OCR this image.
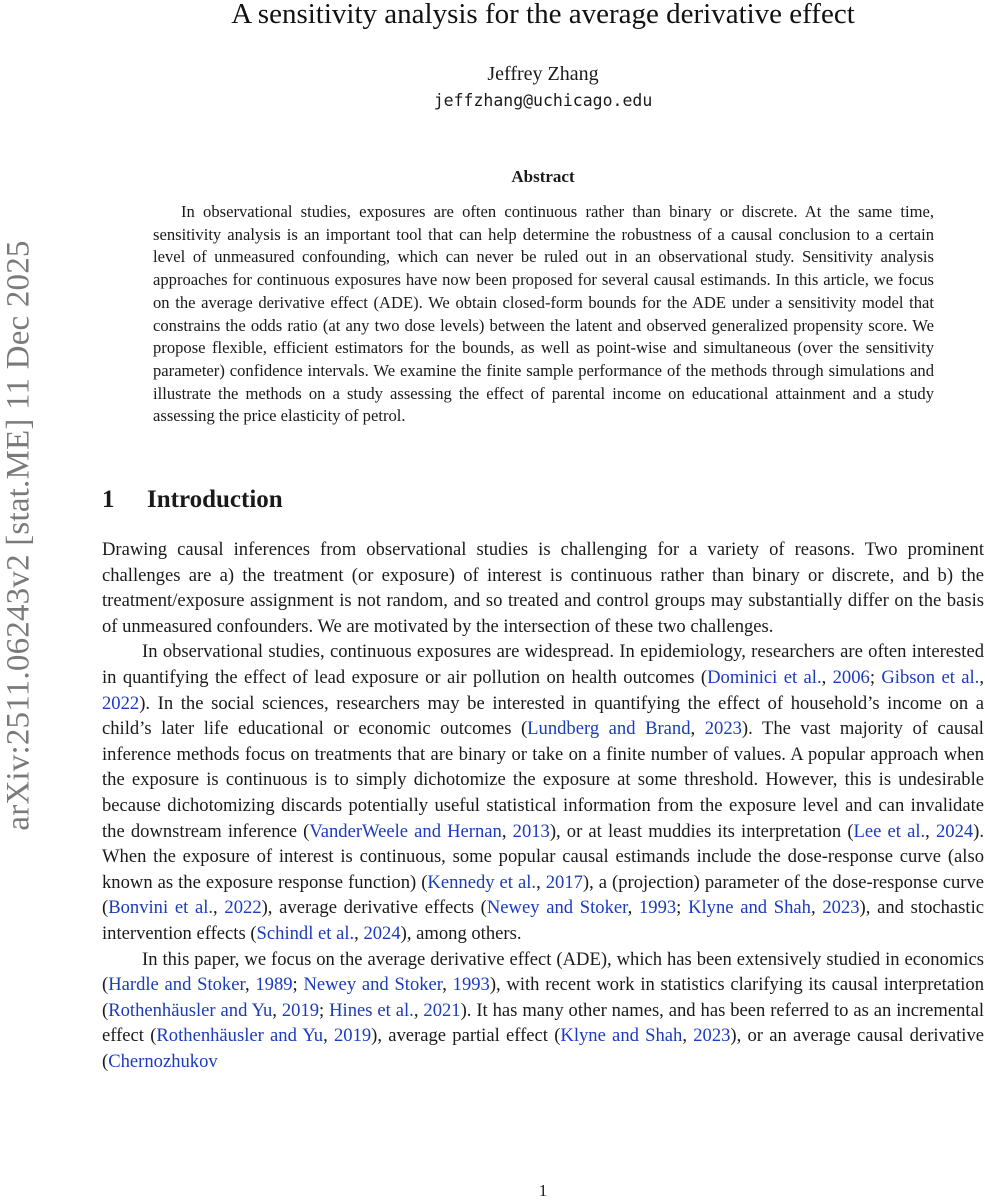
arXiv:2511.06243v2 [stat.ME] 11 Dec 2025
A sensitivity analysis for the average derivative effect
Jeffrey Zhang
jeffzhang@uchicago.edu
Abstract

In observational studies, exposures are often continuous rather than binary or discrete. At the same time, sensitivity analysis is an important tool that can help determine the robustness of a causal conclusion to a certain level of unmeasured confounding, which can never be ruled out in an observational study. Sensitivity analysis approaches for continuous exposures have now been proposed for several causal estimands. In this article, we focus on the average derivative effect (ADE). We obtain closed-form bounds for the ADE under a sensitivity model that constrains the odds ratio (at any two dose levels) between the latent and observed generalized propensity score. We propose flexible, efficient estimators for the bounds, as well as point-wise and simultaneous (over the sensitivity parameter) confidence intervals. We examine the finite sample performance of the methods through simulations and illustrate the methods on a study assessing the effect of parental income on educational attainment and a study assessing the price elasticity of petrol.

1 Introduction

Drawing causal inferences from observational studies is challenging for a variety of reasons. Two prominent challenges are a) the treatment (or exposure) of interest is continuous rather than binary or discrete, and b) the treatment/exposure assignment is not random, and so treated and control groups may substantially differ on the basis of unmeasured confounders. We are motivated by the intersection of these two challenges.

In observational studies, continuous exposures are widespread. In epidemiology, researchers are often interested in quantifying the effect of lead exposure or air pollution on health outcomes (Dominici et al., 2006; Gibson et al., 2022). In the social sciences, researchers may be interested in quantifying the effect of household’s income on a child’s later life educational or economic outcomes (Lundberg and Brand, 2023). The vast majority of causal inference methods focus on treatments that are binary or take on a finite number of values. A popular approach when the exposure is continuous is to simply dichotomize the exposure at some threshold. However, this is undesirable because dichotomizing discards potentially useful statistical information from the exposure level and can invalidate the downstream inference (VanderWeele and Hernan, 2013), or at least muddies its interpretation (Lee et al., 2024). When the exposure of interest is continuous, some popular causal estimands include the dose-response curve (also known as the exposure response function) (Kennedy et al., 2017), a (projection) parameter of the dose-response curve (Bonvini et al., 2022), average derivative effects (Newey and Stoker, 1993; Klyne and Shah, 2023), and stochastic intervention effects (Schindl et al., 2024), among others.

In this paper, we focus on the average derivative effect (ADE), which has been extensively studied in economics (Hardle and Stoker, 1989; Newey and Stoker, 1993), with recent work in statistics clarifying its causal interpretation (Rothenhäusler and Yu, 2019; Hines et al., 2021). It has many other names, and has been referred to as an incremental effect (Rothenhäusler and Yu, 2019), average partial effect (Klyne and Shah, 2023), or an average causal derivative (Chernozhukov

1
